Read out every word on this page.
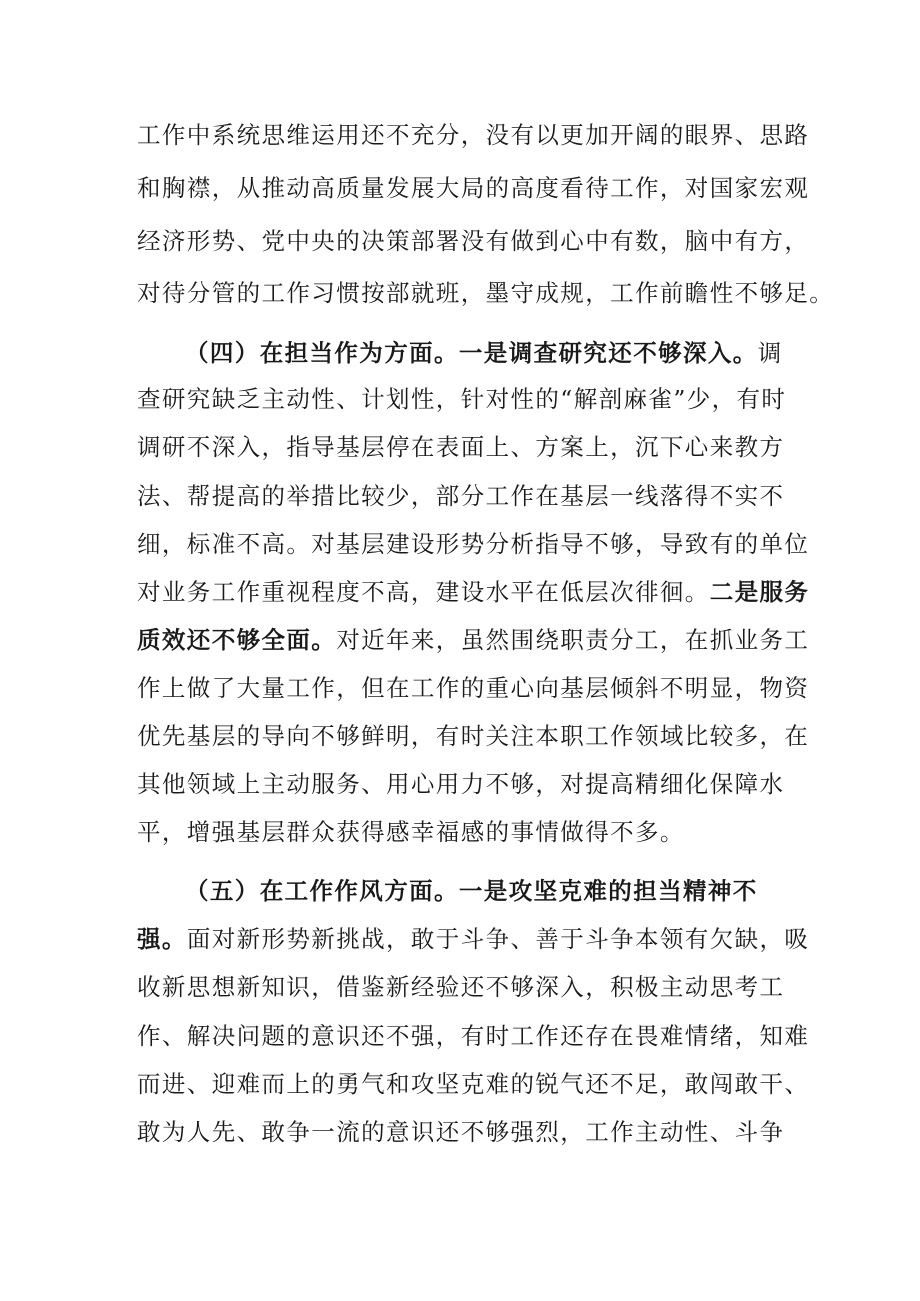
工作中系统思维运用还不充分，没有以更加开阔的眼界、思路
和胸襟，从推动高质量发展大局的高度看待工作，对国家宏观
经济形势、党中央的决策部署没有做到心中有数，脑中有方，
对待分管的工作习惯按部就班，墨守成规，工作前瞻性不够足。
（四）在担当作为方面。一是调查研究还不够深入。调
查研究缺乏主动性、计划性，针对性的“解剖麻雀”少，有时
调研不深入，指导基层停在表面上、方案上，沉下心来教方
法、帮提高的举措比较少，部分工作在基层一线落得不实不
细，标准不高。对基层建设形势分析指导不够，导致有的单位
对业务工作重视程度不高，建设水平在低层次徘徊。二是服务
质效还不够全面。对近年来，虽然围绕职责分工，在抓业务工
作上做了大量工作，但在工作的重心向基层倾斜不明显，物资
优先基层的导向不够鲜明，有时关注本职工作领域比较多，在
其他领域上主动服务、用心用力不够，对提高精细化保障水
平，增强基层群众获得感幸福感的事情做得不多。
（五）在工作作风方面。一是攻坚克难的担当精神不
强。面对新形势新挑战，敢于斗争、善于斗争本领有欠缺，吸
收新思想新知识，借鉴新经验还不够深入，积极主动思考工
作、解决问题的意识还不强，有时工作还存在畏难情绪，知难
而进、迎难而上的勇气和攻坚克难的锐气还不足，敢闯敢干、
敢为人先、敢争一流的意识还不够强烈，工作主动性、斗争
